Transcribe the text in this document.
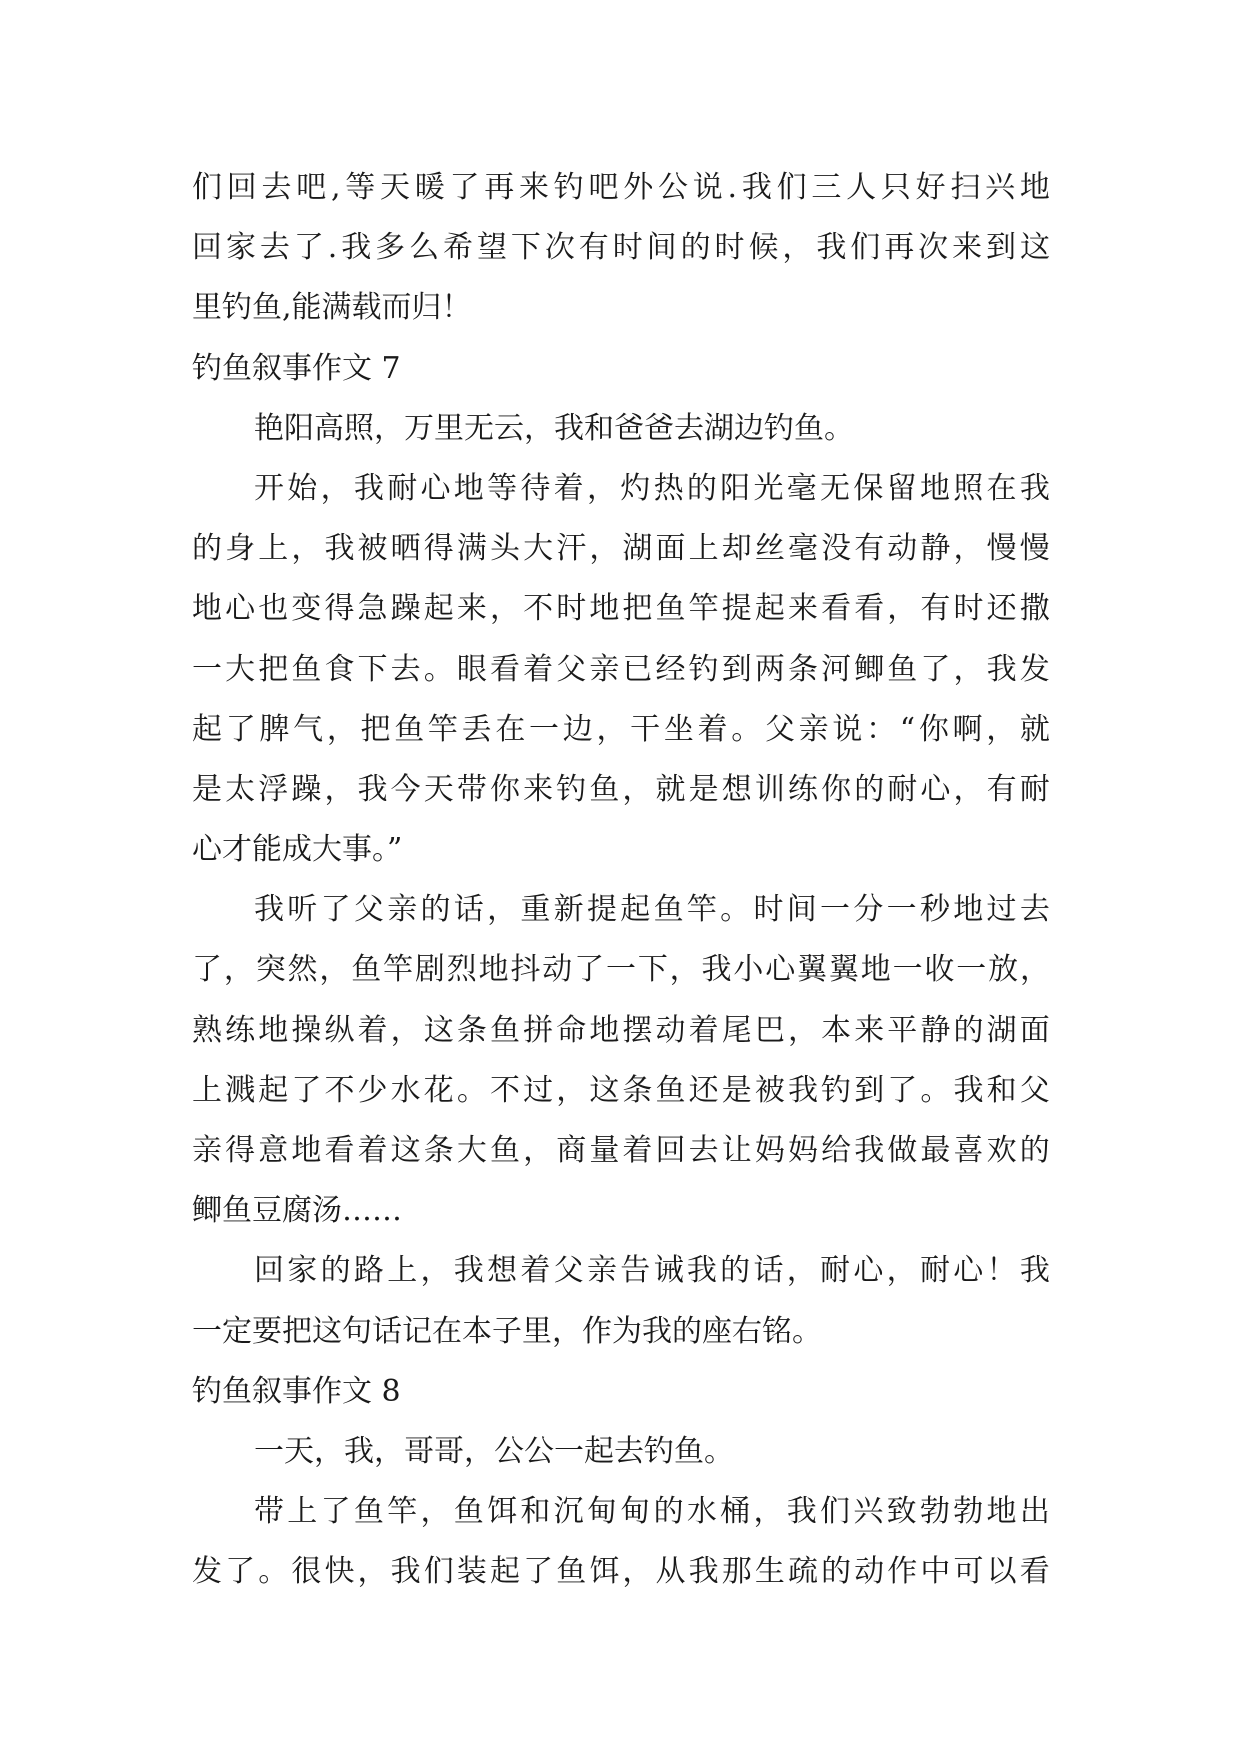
们 回 去 吧 , 等 天 暖 了 再 来 钓 吧 外 公 说 . 我 们 三 人 只 好 扫 兴 地
回 家 去 了 . 我 多 么 希 望 下 次 有 时 间 的 时 候 ， 我 们 再 次 来 到 这
里钓鱼,能满载而归！
钓鱼叙事作文 7
艳阳高照，万里无云，我和爸爸去湖边钓鱼。
开 始 ， 我 耐 心 地 等 待 着 ， 灼 热 的 阳 光 毫 无 保 留 地 照 在 我
的 身 上 ， 我 被 晒 得 满 头 大 汗 ， 湖 面 上 却 丝 毫 没 有 动 静 ， 慢 慢
地 心 也 变 得 急 躁 起 来 ， 不 时 地 把 鱼 竿 提 起 来 看 看 ， 有 时 还 撒
一 大 把 鱼 食 下 去 。 眼 看 着 父 亲 已 经 钓 到 两 条 河 鲫 鱼 了 ， 我 发
起 了 脾 气 ， 把 鱼 竿 丢 在 一 边 ， 干 坐 着 。 父 亲 说 ： “ 你 啊 ， 就
是 太 浮 躁 ， 我 今 天 带 你 来 钓 鱼 ， 就 是 想 训 练 你 的 耐 心 ， 有 耐
心才能成大事。”
我 听 了 父 亲 的 话 ， 重 新 提 起 鱼 竿 。 时 间 一 分 一 秒 地 过 去
了 ， 突 然 ， 鱼 竿 剧 烈 地 抖 动 了 一 下 ， 我 小 心 翼 翼 地 一 收 一 放 ，
熟 练 地 操 纵 着 ， 这 条 鱼 拼 命 地 摆 动 着 尾 巴 ， 本 来 平 静 的 湖 面
上 溅 起 了 不 少 水 花 。 不 过 ， 这 条 鱼 还 是 被 我 钓 到 了 。 我 和 父
亲 得 意 地 看 着 这 条 大 鱼 ， 商 量 着 回 去 让 妈 妈 给 我 做 最 喜 欢 的
鲫鱼豆腐汤……
回 家 的 路 上 ， 我 想 着 父 亲 告 诫 我 的 话 ， 耐 心 ， 耐 心 ！ 我
一定要把这句话记在本子里，作为我的座右铭。
钓鱼叙事作文 8
一天，我，哥哥，公公一起去钓鱼。
带 上 了 鱼 竿 ， 鱼 饵 和 沉 甸 甸 的 水 桶 ， 我 们 兴 致 勃 勃 地 出
发 了 。 很 快 ， 我 们 装 起 了 鱼 饵 ， 从 我 那 生 疏 的 动 作 中 可 以 看
